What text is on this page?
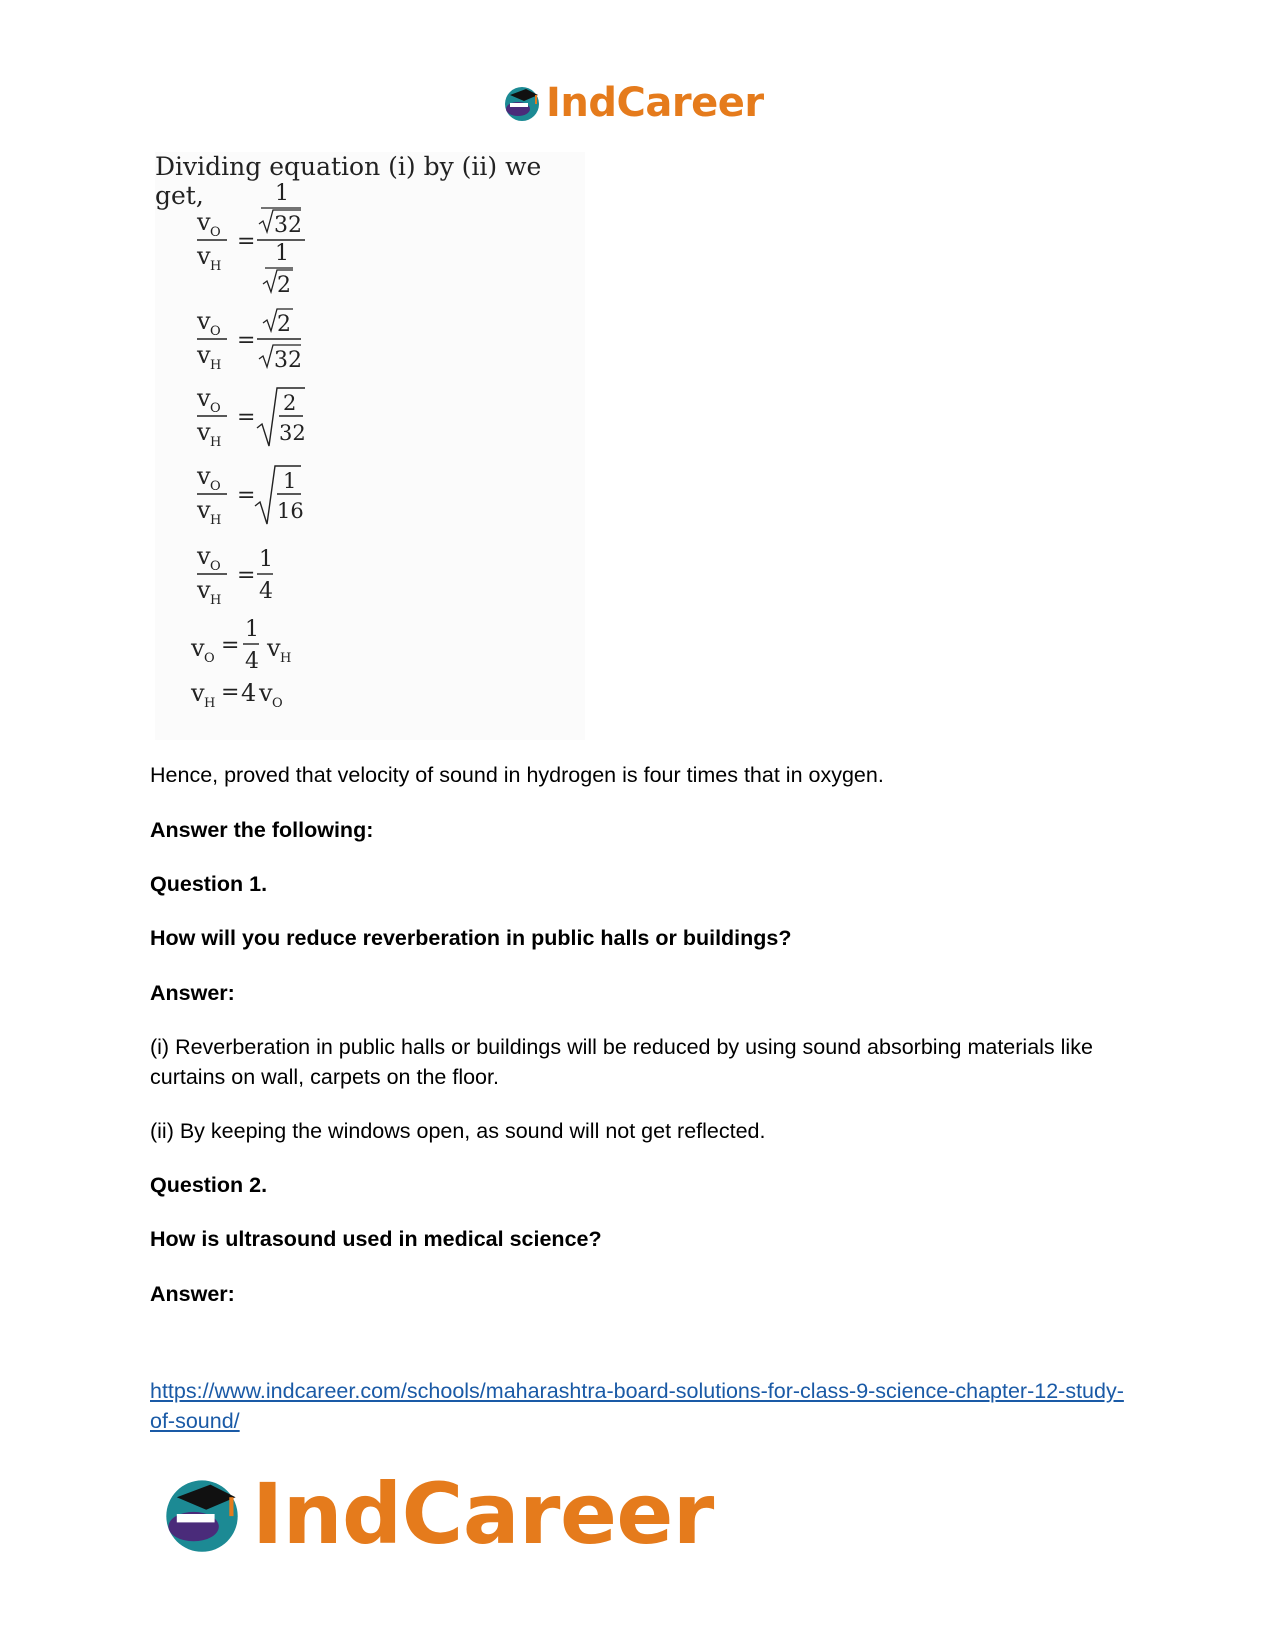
IndCareer
Dividing equation (i) by (ii) we get,
v O
v H
=
1
32
1
2
v O
v H
=
2
32
v O
v H
=
2
32
v O
v H
=
1
16
v O
v H
=
1
4
v O
=
1
4 v H
v H = 4 v O

Hence, proved that velocity of sound in hydrogen is four times that in oxygen.

Answer the following:

Question 1.

How will you reduce reverberation in public halls or buildings?

Answer:

(i) Reverberation in public halls or buildings will be reduced by using sound absorbing materials like curtains on wall, carpets on the floor.

(ii) By keeping the windows open, as sound will not get reflected.

Question 2.

How is ultrasound used in medical science?

Answer:

https://www.indcareer.com/schools/maharashtra-board-solutions-for-class-9-science-chapter-12-study-of-sound/
IndCareer
